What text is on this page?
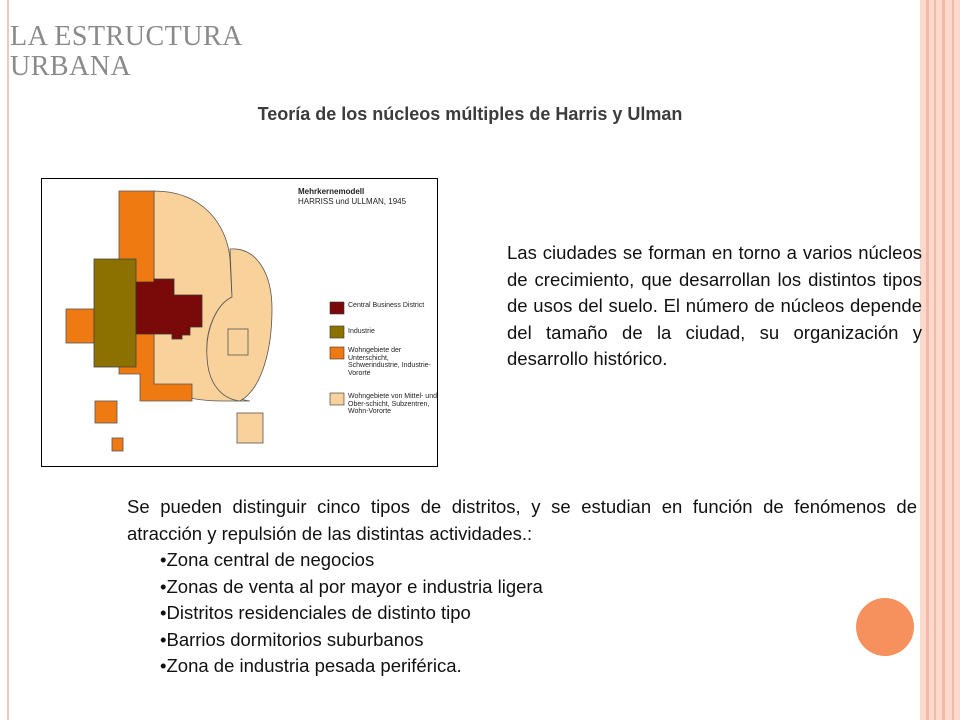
LA ESTRUCTURA
URBANA
Teoría de los núcleos múltiples de Harris y Ulman
Mehrkernemodell
HARRISS und ULLMAN, 1945
Central Business District
Industrie
Wohngebiete der Unterschicht, Schwerindustrie, Industrie-Vororte
Wohngebiete von Mittel- und Ober-schicht, Subzentren, Wohn-Vororte

Las ciudades se forman en torno a varios núcleos de crecimiento, que desarrollan los distintos tipos de usos del suelo. El número de núcleos depende del tamaño de la ciudad, su organización y desarrollo histórico.

Se pueden distinguir cinco tipos de distritos, y se estudian en función de fenómenos de atracción y repulsión de las distintas actividades.:

•Zona central de negocios
•Zonas de venta al por mayor e industria ligera
•Distritos residenciales de distinto tipo
•Barrios dormitorios suburbanos
•Zona de industria pesada periférica.
